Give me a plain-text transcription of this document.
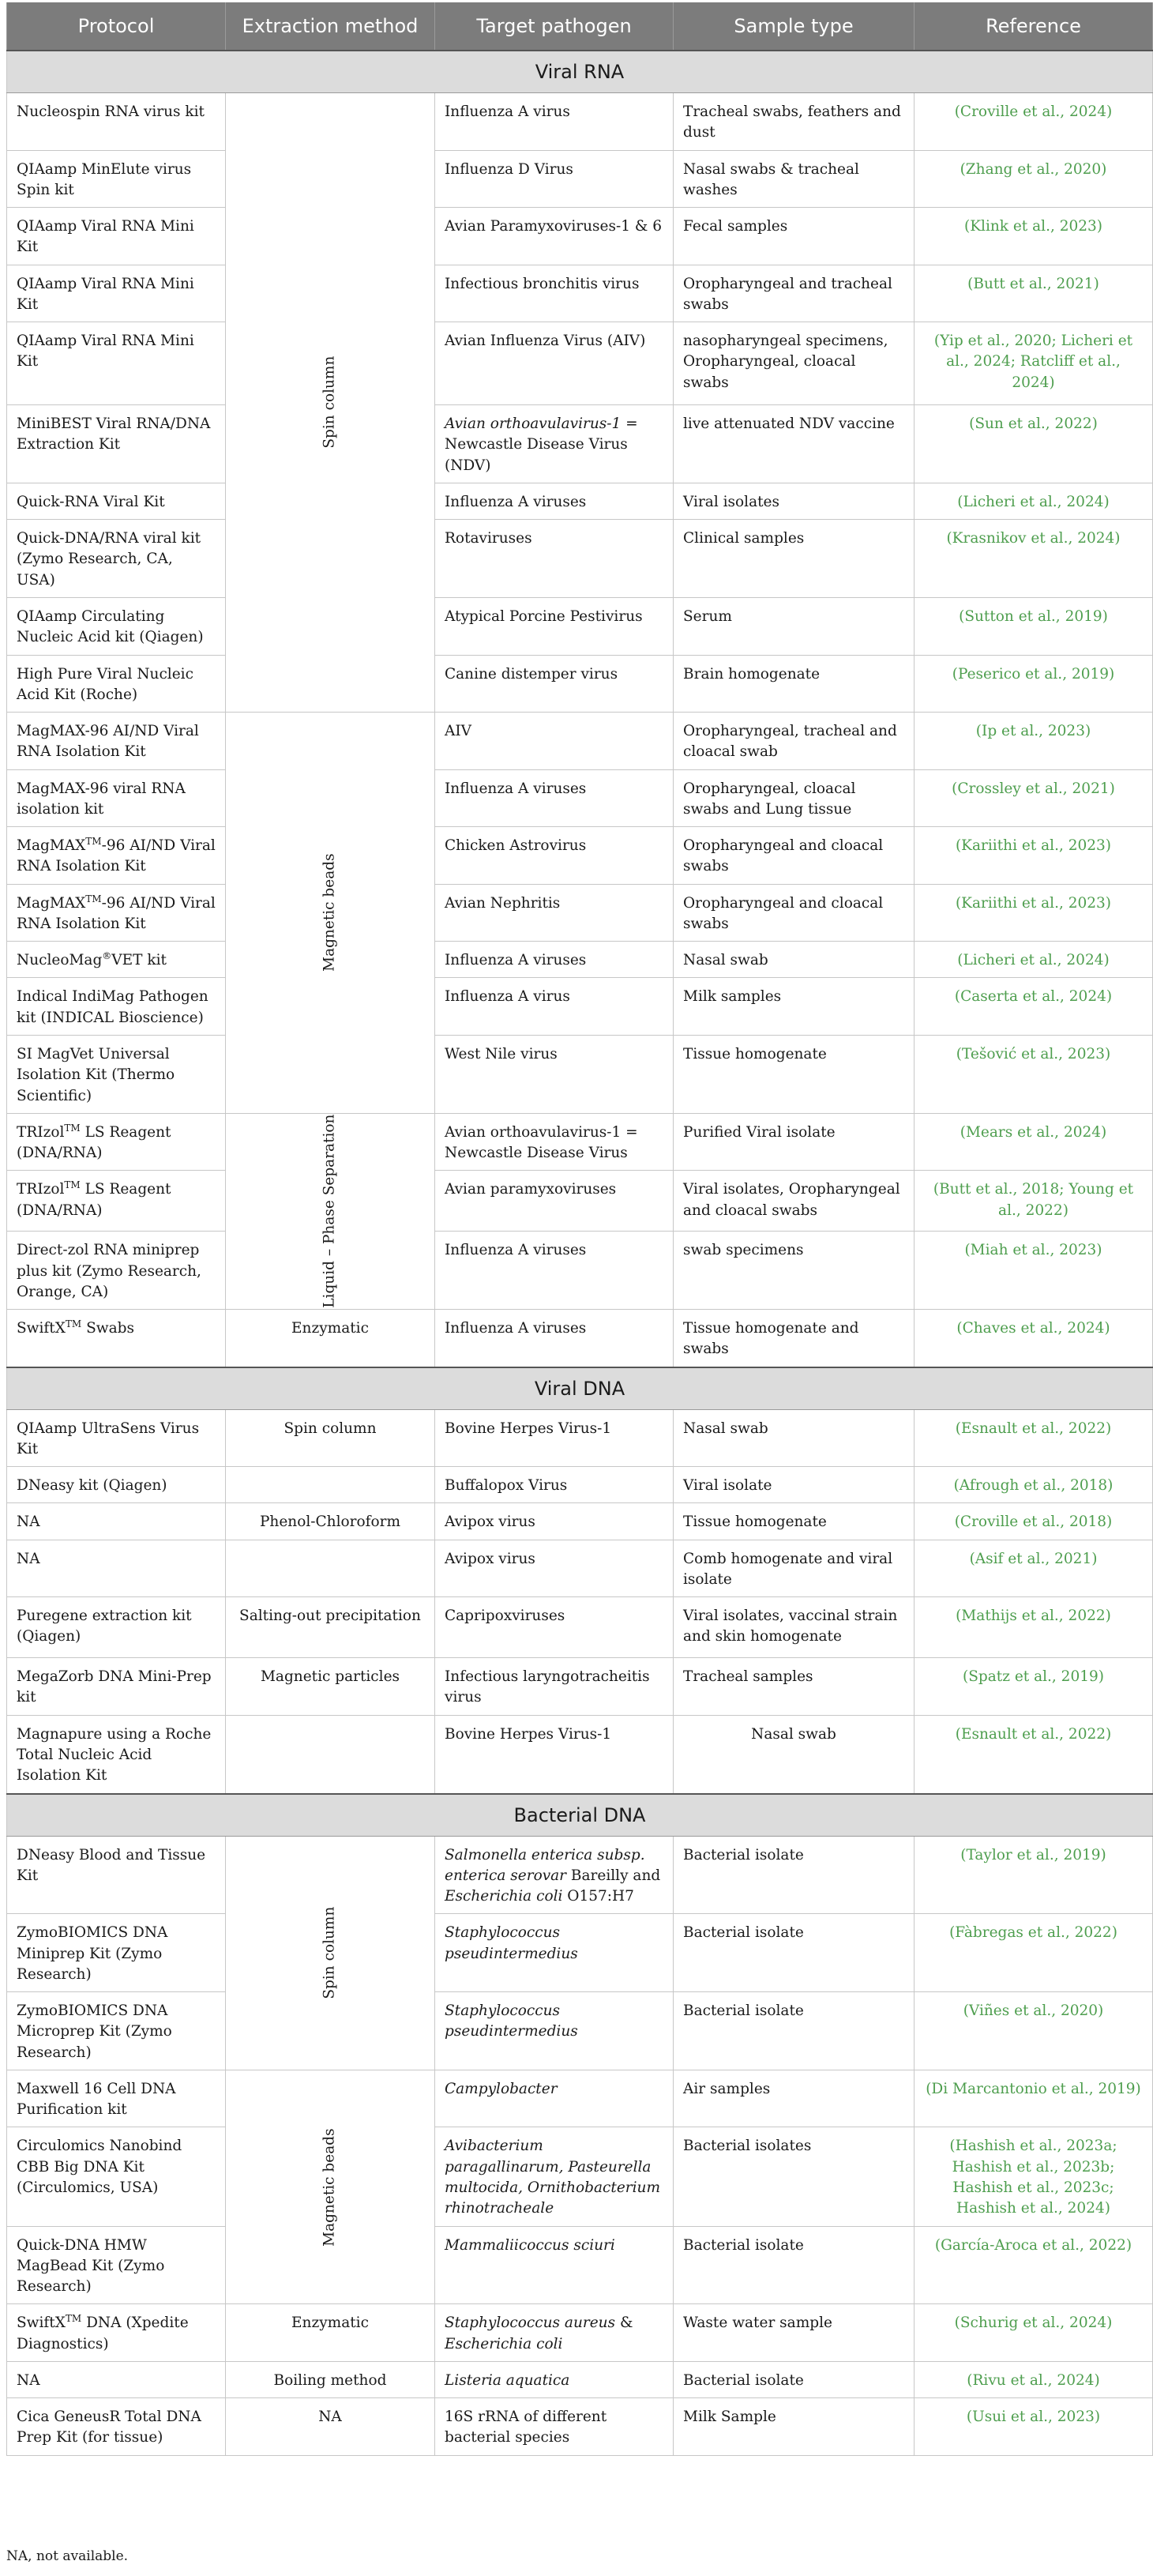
Protocol	Extraction method	Target pathogen	Sample type	Reference
Viral RNA				
Nucleospin RNA virus kit	Spin column	Influenza A virus	Tracheal swabs, feathers and dust	(Croville et al., 2024)
QIAamp MinElute virus Spin kit		Influenza D Virus	Nasal swabs & tracheal washes	(Zhang et al., 2020)
QIAamp Viral RNA Mini Kit		Avian Paramyxoviruses-1 & 6	Fecal samples	(Klink et al., 2023)
QIAamp Viral RNA Mini Kit		Infectious bronchitis virus	Oropharyngeal and tracheal swabs	(Butt et al., 2021)
QIAamp Viral RNA Mini Kit		Avian Influenza Virus (AIV)	nasopharyngeal specimens, Oropharyngeal, cloacal swabs	(Yip et al., 2020; Licheri et al., 2024; Ratcliff et al., 2024)
MiniBEST Viral RNA/DNA Extraction Kit		Avian orthoavulavirus-1 = Newcastle Disease Virus (NDV)	live attenuated NDV vaccine	(Sun et al., 2022)
Quick-RNA Viral Kit		Influenza A viruses	Viral isolates	(Licheri et al., 2024)
Quick-DNA/RNA viral kit (Zymo Research, CA, USA)		Rotaviruses	Clinical samples	(Krasnikov et al., 2024)
QIAamp Circulating Nucleic Acid kit (Qiagen)		Atypical Porcine Pestivirus	Serum	(Sutton et al., 2019)
High Pure Viral Nucleic Acid Kit (Roche)		Canine distemper virus	Brain homogenate	(Peserico et al., 2019)
MagMAX-96 AI/ND Viral RNA Isolation Kit	Magnetic beads	AIV	Oropharyngeal, tracheal and cloacal swab	(Ip et al., 2023)
MagMAX-96 viral RNA isolation kit		Influenza A viruses	Oropharyngeal, cloacal swabs and Lung tissue	(Crossley et al., 2021)
MagMAX™-96 AI/ND Viral RNA Isolation Kit		Chicken Astrovirus	Oropharyngeal and cloacal swabs	(Kariithi et al., 2023)
MagMAX™-96 AI/ND Viral RNA Isolation Kit		Avian Nephritis	Oropharyngeal and cloacal swabs	(Kariithi et al., 2023)
NucleoMag®VET kit		Influenza A viruses	Nasal swab	(Licheri et al., 2024)
Indical IndiMag Pathogen kit (INDICAL Bioscience)		Influenza A virus	Milk samples	(Caserta et al., 2024)
SI MagVet Universal Isolation Kit (Thermo Scientific)		West Nile virus	Tissue homogenate	(Tešović et al., 2023)
TRIzol™ LS Reagent (DNA/RNA)	Liquid – Phase Separation	Avian orthoavulavirus-1 = Newcastle Disease Virus	Purified Viral isolate	(Mears et al., 2024)
TRIzol™ LS Reagent (DNA/RNA)		Avian paramyxoviruses	Viral isolates, Oropharyngeal and cloacal swabs	(Butt et al., 2018; Young et al., 2022)
Direct-zol RNA miniprep plus kit (Zymo Research, Orange, CA)		Influenza A viruses	swab specimens	(Miah et al., 2023)
SwiftX™ Swabs	Enzymatic	Influenza A viruses	Tissue homogenate and swabs	(Chaves et al., 2024)
Viral DNA				
QIAamp UltraSens Virus Kit	Spin column	Bovine Herpes Virus-1	Nasal swab	(Esnault et al., 2022)
DNeasy kit (Qiagen)		Buffalopox Virus	Viral isolate	(Afrough et al., 2018)
NA	Phenol-Chloroform	Avipox virus	Tissue homogenate	(Croville et al., 2018)
NA		Avipox virus	Comb homogenate and viral isolate	(Asif et al., 2021)
Puregene extraction kit (Qiagen)	Salting-out precipitation	Capripoxviruses	Viral isolates, vaccinal strain and skin homogenate	(Mathijs et al., 2022)
MegaZorb DNA Mini-Prep kit	Magnetic particles	Infectious laryngotracheitis virus	Tracheal samples	(Spatz et al., 2019)
Magnapure using a Roche Total Nucleic Acid Isolation Kit		Bovine Herpes Virus-1	Nasal swab	(Esnault et al., 2022)
Bacterial DNA				
DNeasy Blood and Tissue Kit	Spin column	Salmonella enterica subsp. enterica serovar Bareilly and Escherichia coli O157:H7	Bacterial isolate	(Taylor et al., 2019)
ZymoBIOMICS DNA Miniprep Kit (Zymo Research)		Staphylococcus pseudintermedius	Bacterial isolate	(Fàbregas et al., 2022)
ZymoBIOMICS DNA Microprep Kit (Zymo Research)		Staphylococcus pseudintermedius	Bacterial isolate	(Viñes et al., 2020)
Maxwell 16 Cell DNA Purification kit	Magnetic beads	Campylobacter	Air samples	(Di Marcantonio et al., 2019)
Circulomics Nanobind CBB Big DNA Kit (Circulomics, USA)		Avibacterium paragallinarum, Pasteurella multocida, Ornithobacterium rhinotracheale	Bacterial isolates	(Hashish et al., 2023a; Hashish et al., 2023b; Hashish et al., 2023c; Hashish et al., 2024)
Quick-DNA HMW MagBead Kit (Zymo Research)		Mammaliicoccus sciuri	Bacterial isolate	(García-Aroca et al., 2022)
SwiftX™ DNA (Xpedite Diagnostics)	Enzymatic	Staphylococcus aureus & Escherichia coli	Waste water sample	(Schurig et al., 2024)
NA	Boiling method	Listeria aquatica	Bacterial isolate	(Rivu et al., 2024)
Cica GeneusR Total DNA Prep Kit (for tissue)	NA	16S rRNA of different bacterial species	Milk Sample	(Usui et al., 2023)
NA, not available.
